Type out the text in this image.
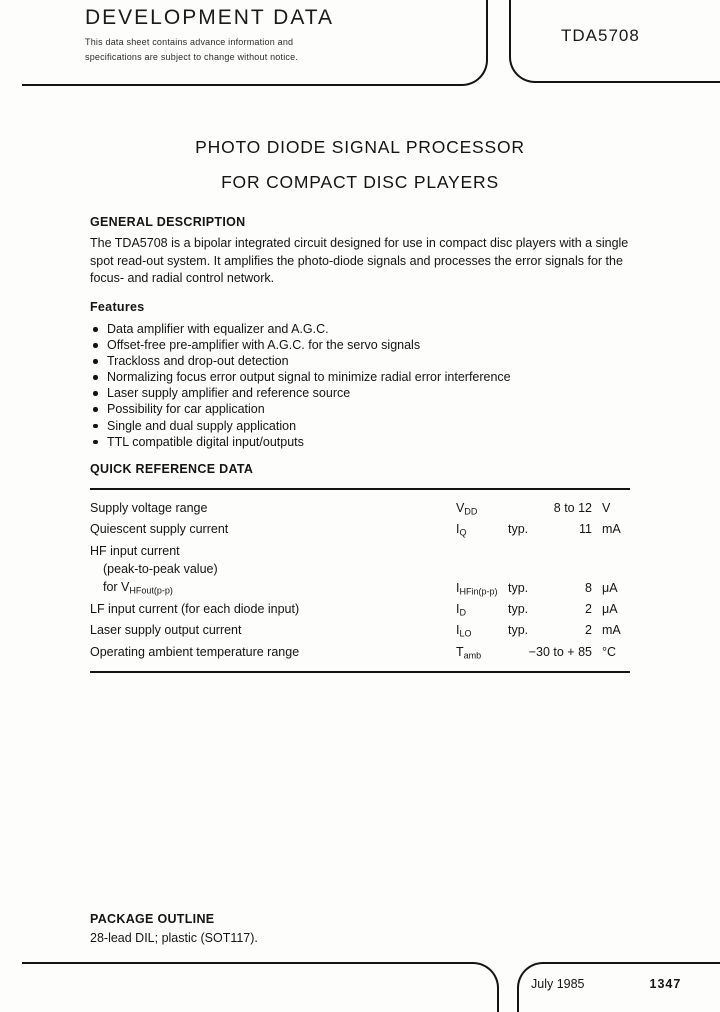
DEVELOPMENT DATA
This data sheet contains advance information and
specifications are subject to change without notice.
TDA5708
PHOTO DIODE SIGNAL PROCESSOR
FOR COMPACT DISC PLAYERS
GENERAL DESCRIPTION

The TDA5708 is a bipolar integrated circuit designed for use in compact disc players with a single spot read-out system. It amplifies the photo-diode signals and processes the error signals for the focus- and radial control network.

Features
Data amplifier with equalizer and A.G.C.
Offset-free pre-amplifier with A.G.C. for the servo signals
Trackloss and drop-out detection
Normalizing focus error output signal to minimize radial error interference
Laser supply amplifier and reference source
Possibility for car application
Single and dual supply application
TTL compatible digital input/outputs
QUICK REFERENCE DATA
Supply voltage range	$V_{DD}$	8 to 12 V
Quiescent supply current	$I_Q$	typ.	11 mA
HF input current
(peak-to-peak value)
for $V_{HFout(p-p)}$	$I_{HFin(p-p)}$ typ.	8 μA
LF input current (for each diode input)	$I_D$	typ.	2 μA
Laser supply output current	$I_{LO}$	typ.	2 mA
Operating ambient temperature range	$T_{amb}$	−30 to + 85 °C
PACKAGE OUTLINE

28-lead DIL; plastic (SOT117).

July 1985	1347
